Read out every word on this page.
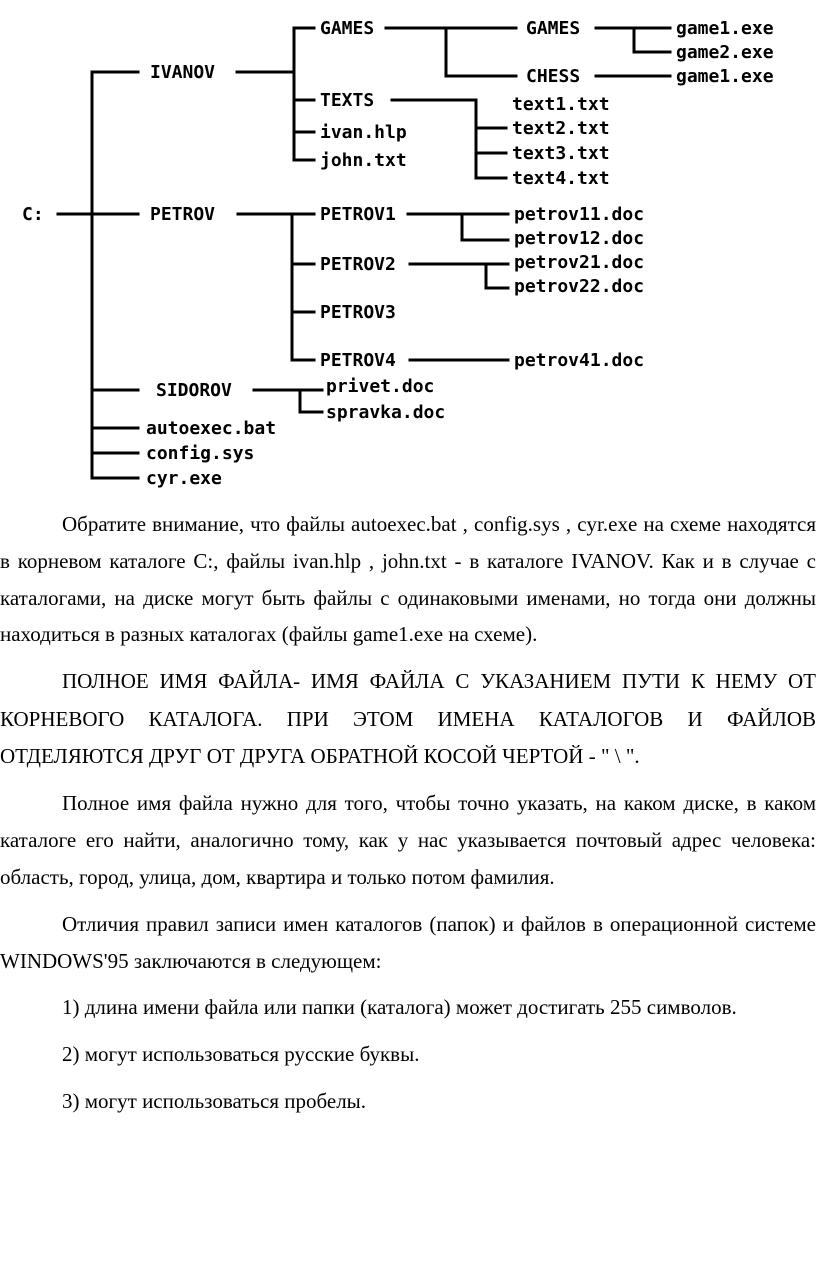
C:
IVANOV
PETROV
SIDOROV
autoexec.bat
config.sys
cyr.exe
GAMES
TEXTS
ivan.hlp
john.txt
GAMES
CHESS
game1.exe
game2.exe
game1.exe
text1.txt
text2.txt
text3.txt
text4.txt
PETROV1
PETROV2
PETROV3
PETROV4
petrov11.doc
petrov12.doc
petrov21.doc
petrov22.doc
petrov41.doc
privet.doc
spravka.doc

Обратите внимание, что файлы autoexec.bat , config.sys , cyr.exe на схеме находятся в корневом каталоге C:, файлы ivan.hlp , john.txt - в каталоге IVANOV. Как и в случае с каталогами, на диске могут быть файлы с одинаковыми именами, но тогда они должны находиться в разных каталогах (файлы game1.exe на схеме).

ПОЛНОЕ ИМЯ ФАЙЛА- ИМЯ ФАЙЛА С УКАЗАНИЕМ ПУТИ К НЕМУ ОТ КОРНЕВОГО КАТАЛОГА. ПРИ ЭТОМ ИМЕНА КАТАЛОГОВ И ФАЙЛОВ ОТДЕЛЯЮТСЯ ДРУГ ОТ ДРУГА ОБРАТНОЙ КОСОЙ ЧЕРТОЙ - " \ ".

Полное имя файла нужно для того, чтобы точно указать, на каком диске, в каком каталоге его найти, аналогично тому, как у нас указывается почтовый адрес человека: область, город, улица, дом, квартира и только потом фамилия.

Отличия правил записи имен каталогов (папок) и файлов в операционной системе WINDOWS'95 заключаются в следующем:

1) длина имени файла или папки (каталога) может достигать 255 символов.

2) могут использоваться русские буквы.

3) могут использоваться пробелы.
